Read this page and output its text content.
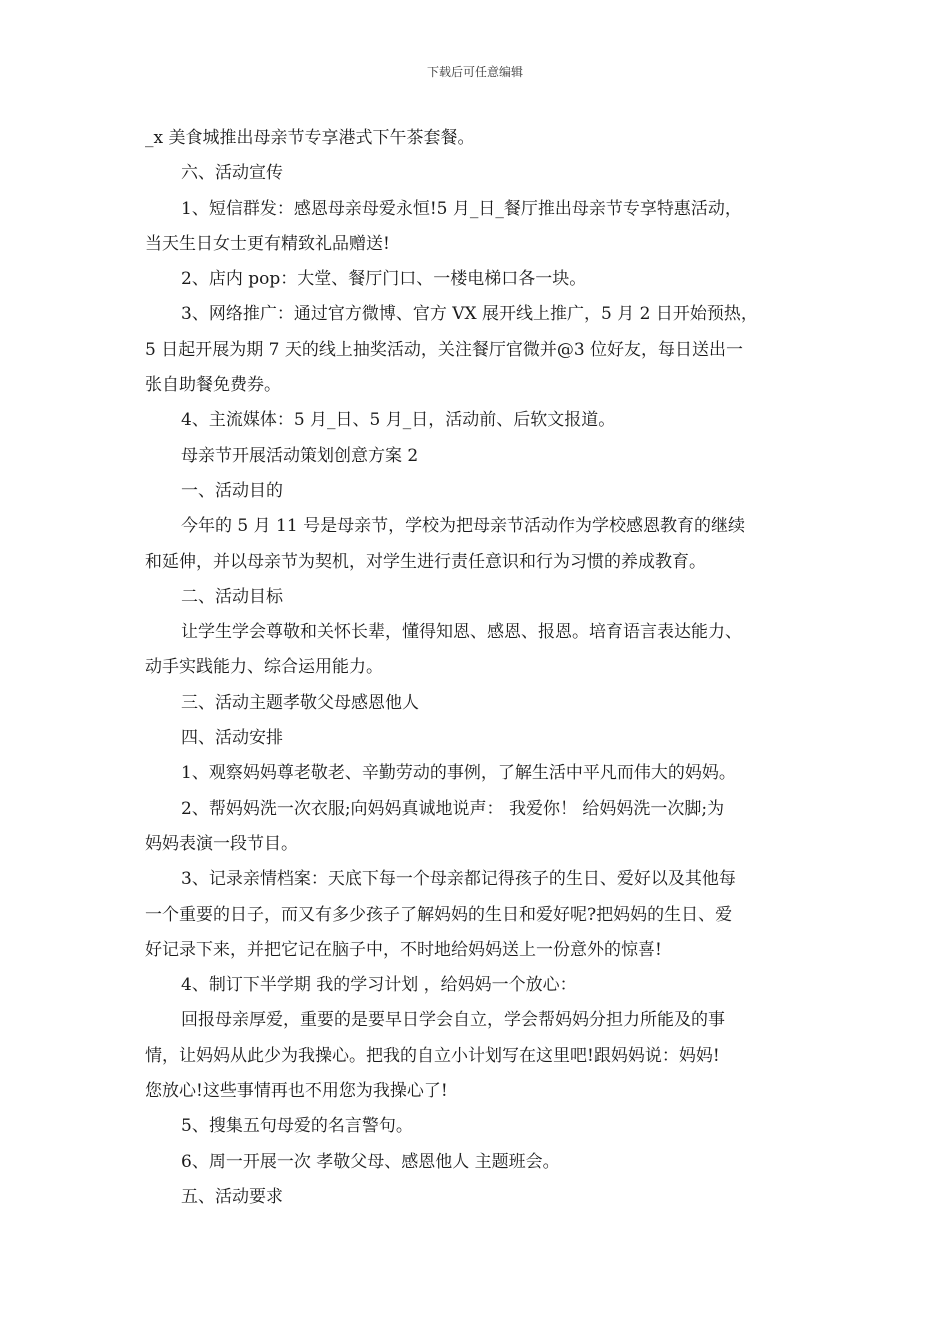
下载后可任意编辑

_x 美食城推出母亲节专享港式下午茶套餐。

六、活动宣传

1、短信群发：感恩母亲母爱永恒!5 月_日_餐厅推出母亲节专享特惠活动，

当天生日女士更有精致礼品赠送!

2、店内 pop：大堂、餐厅门口、一楼电梯口各一块。

3、网络推广：通过官方微博、官方 VX 展开线上推广，5 月 2 日开始预热，

5 日起开展为期 7 天的线上抽奖活动，关注餐厅官微并@3 位好友，每日送出一

张自助餐免费券。

4、主流媒体：5 月_日、5 月_日，活动前、后软文报道。

母亲节开展活动策划创意方案 2

一、活动目的

今年的 5 月 11 号是母亲节，学校为把母亲节活动作为学校感恩教育的继续

和延伸，并以母亲节为契机，对学生进行责任意识和行为习惯的养成教育。

二、活动目标

让学生学会尊敬和关怀长辈，懂得知恩、感恩、报恩。培育语言表达能力、

动手实践能力、综合运用能力。

三、活动主题孝敬父母感恩他人

四、活动安排

1、观察妈妈尊老敬老、辛勤劳动的事例，了解生活中平凡而伟大的妈妈。

2、帮妈妈洗一次衣服;向妈妈真诚地说声： 我爱你！ 给妈妈洗一次脚;为

妈妈表演一段节目。

3、记录亲情档案：天底下每一个母亲都记得孩子的生日、爱好以及其他每

一个重要的日子，而又有多少孩子了解妈妈的生日和爱好呢?把妈妈的生日、爱

好记录下来，并把它记在脑子中，不时地给妈妈送上一份意外的惊喜!

4、制订下半学期 我的学习计划 ，给妈妈一个放心：

回报母亲厚爱，重要的是要早日学会自立，学会帮妈妈分担力所能及的事

情，让妈妈从此少为我操心。把我的自立小计划写在这里吧!跟妈妈说：妈妈!

您放心!这些事情再也不用您为我操心了!

5、搜集五句母爱的名言警句。

6、周一开展一次 孝敬父母、感恩他人 主题班会。

五、活动要求
